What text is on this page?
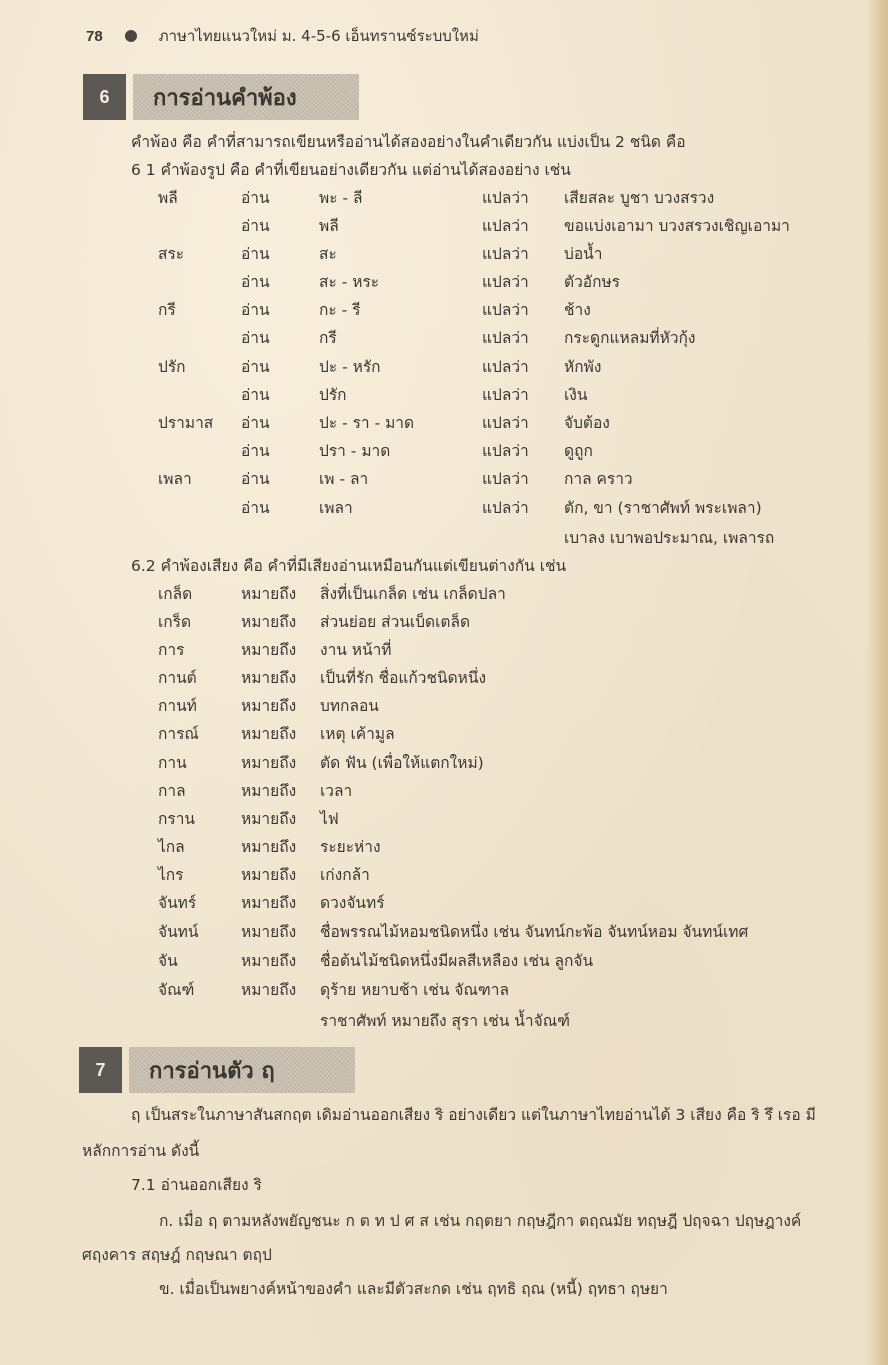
78	ภาษาไทยแนวใหม่ ม. 4-5-6 เอ็นทรานซ์ระบบใหม่
6	การอ่านคำพ้อง
คำพ้อง คือ คำที่สามารถเขียนหรืออ่านได้สองอย่างในคำเดียวกัน แบ่งเป็น 2 ชนิด คือ
6 1 คำพ้องรูป คือ คำที่เขียนอย่างเดียวกัน แต่อ่านได้สองอย่าง เช่น
พลี	อ่าน	พะ - ลี	แปลว่า เสียสละ บูชา บวงสรวง
อ่าน	พลี	แปลว่า ขอแบ่งเอามา บวงสรวงเชิญเอามา
สระ	อ่าน	สะ	แปลว่า บ่อน้ำ
อ่าน	สะ - หระ	แปลว่า ตัวอักษร
กรี	อ่าน	กะ - รี	แปลว่า ช้าง
อ่าน	กรี	แปลว่า กระดูกแหลมที่หัวกุ้ง
ปรัก	อ่าน	ปะ - หรัก	แปลว่า หักพัง
อ่าน	ปรัก	แปลว่า เงิน
ปรามาส อ่าน	ปะ - รา - มาด	แปลว่า จับต้อง
อ่าน	ปรา - มาด	แปลว่า ดูถูก
เพลา	อ่าน	เพ - ลา	แปลว่า กาล คราว
อ่าน	เพลา	แปลว่า ตัก, ขา (ราชาศัพท์ พระเพลา)
เบาลง เบาพอประมาณ, เพลารถ
6.2 คำพ้องเสียง คือ คำที่มีเสียงอ่านเหมือนกันแต่เขียนต่างกัน เช่น
เกล็ด	หมายถึง สิ่งที่เป็นเกล็ด เช่น เกล็ดปลา
เกร็ด	หมายถึง ส่วนย่อย ส่วนเบ็ดเตล็ด
การ	หมายถึง งาน หน้าที่
กานต์	หมายถึง เป็นที่รัก ชื่อแก้วชนิดหนึ่ง
กานท์	หมายถึง บทกลอน
การณ์	หมายถึง เหตุ เค้ามูล
กาน	หมายถึง ตัด ฟัน (เพื่อให้แตกใหม่)
กาล	หมายถึง เวลา
กราน	หมายถึง ไฟ
ไกล	หมายถึง ระยะห่าง
ไกร	หมายถึง เก่งกล้า
จันทร์	หมายถึง ดวงจันทร์
จันทน์	หมายถึง ชื่อพรรณไม้หอมชนิดหนึ่ง เช่น จันทน์กะพ้อ จันทน์หอม จันทน์เทศ
จัน	หมายถึง ชื่อต้นไม้ชนิดหนึ่งมีผลสีเหลือง เช่น ลูกจัน
จัณฑ์	หมายถึง ดุร้าย หยาบช้า เช่น จัณฑาล
ราชาศัพท์ หมายถึง สุรา เช่น น้ำจัณฑ์
7	การอ่านตัว ฤ
ฤ เป็นสระในภาษาสันสกฤต เดิมอ่านออกเสียง ริ อย่างเดียว แต่ในภาษาไทยอ่านได้ 3 เสียง คือ ริ รึ เรอ มี
หลักการอ่าน ดังนี้
7.1 อ่านออกเสียง ริ
ก. เมื่อ ฤ ตามหลังพยัญชนะ ก ต ท ป ศ ส เช่น กฤตยา กฤษฎีกา ตฤณมัย ทฤษฎี ปฤจฉา ปฤษฎางค์
ศฤงคาร สฤษฎ์ กฤษณา ตฤป
ข. เมื่อเป็นพยางค์หน้าของคำ และมีตัวสะกด เช่น ฤทธิ ฤณ (หนี้) ฤทธา ฤษยา
